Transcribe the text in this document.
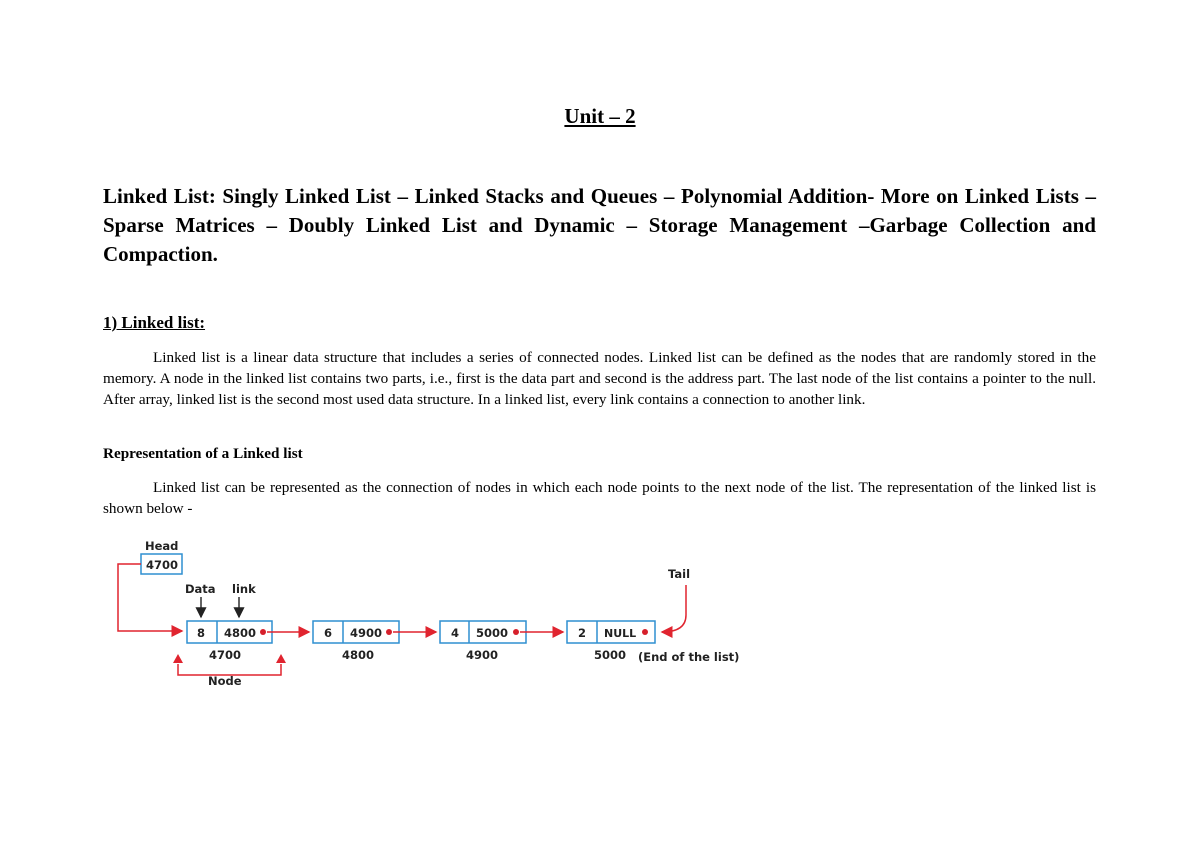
Unit – 2
Linked List: Singly Linked List – Linked Stacks and Queues – Polynomial Addition- More on Linked Lists – Sparse Matrices – Doubly Linked List and Dynamic – Storage Management –Garbage Collection and Compaction.
1) Linked list:
Linked list is a linear data structure that includes a series of connected nodes. Linked list can be defined as the nodes that are randomly stored in the memory. A node in the linked list contains two parts, i.e., first is the data part and second is the address part. The last node of the list contains a pointer to the null. After array, linked list is the second most used data structure. In a linked list, every link contains a connection to another link.
Representation of a Linked list
Linked list can be represented as the connection of nodes in which each node points to the next node of the list. The representation of the linked list is shown below -
Head
4700
Data link
8 4800
4700
6 4900
4800
4 5000
4900
2 NULL
5000 (End of the list)
Tail
Node
